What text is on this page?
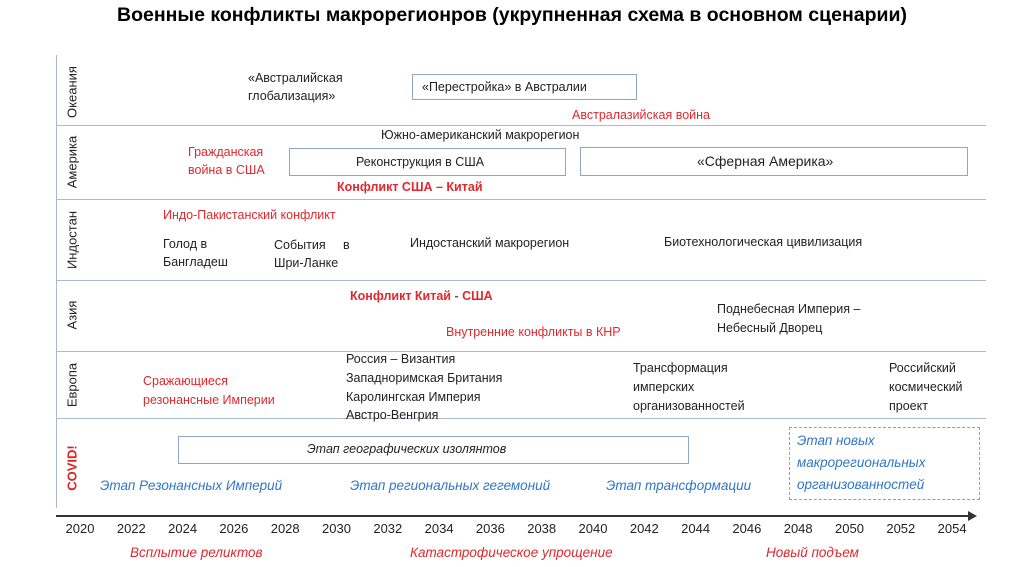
Военные конфликты макрорегионров (укрупненная схема в основном сценарии)
Океания
Америка
Индостан
Азия
Европа
COVID!
«Австралийская
глобализация»
«Перестройка» в Австралии
Австралазийская война
Южно-американский макрорегион
Гражданская
война в США
Реконструкция в США	«Сферная Америка»
Конфликт США – Китай
Индо-Пакистанский конфликт
Голод в
Бангладеш
События     в
Шри-Ланке
Индостанский макрорегион	Биотехнологическая цивилизация
Конфликт Китай - США
Внутренние конфликты в КНР
Поднебесная Империя –
Небесный Дворец
Сражающиеся
резонансные Империи
Россия – Византия
Западноримская Британия
Каролингская Империя
Австро-Венгрия
Трансформация
имперских
организованностей
Российский
космический
проект
Этап географических изолянтов
Этап Резонансных Империй	Этап региональных гегемоний	Этап трансформации
Этап новых
макрорегиональных
организованностей
2020 2022 2024 2026 2028 2030 2032 2034 2036 2038 2040 2042 2044 2046 2048 2050 2052 2054
Всплытие реликтов	Катастрофическое упрощение	Новый подъем
